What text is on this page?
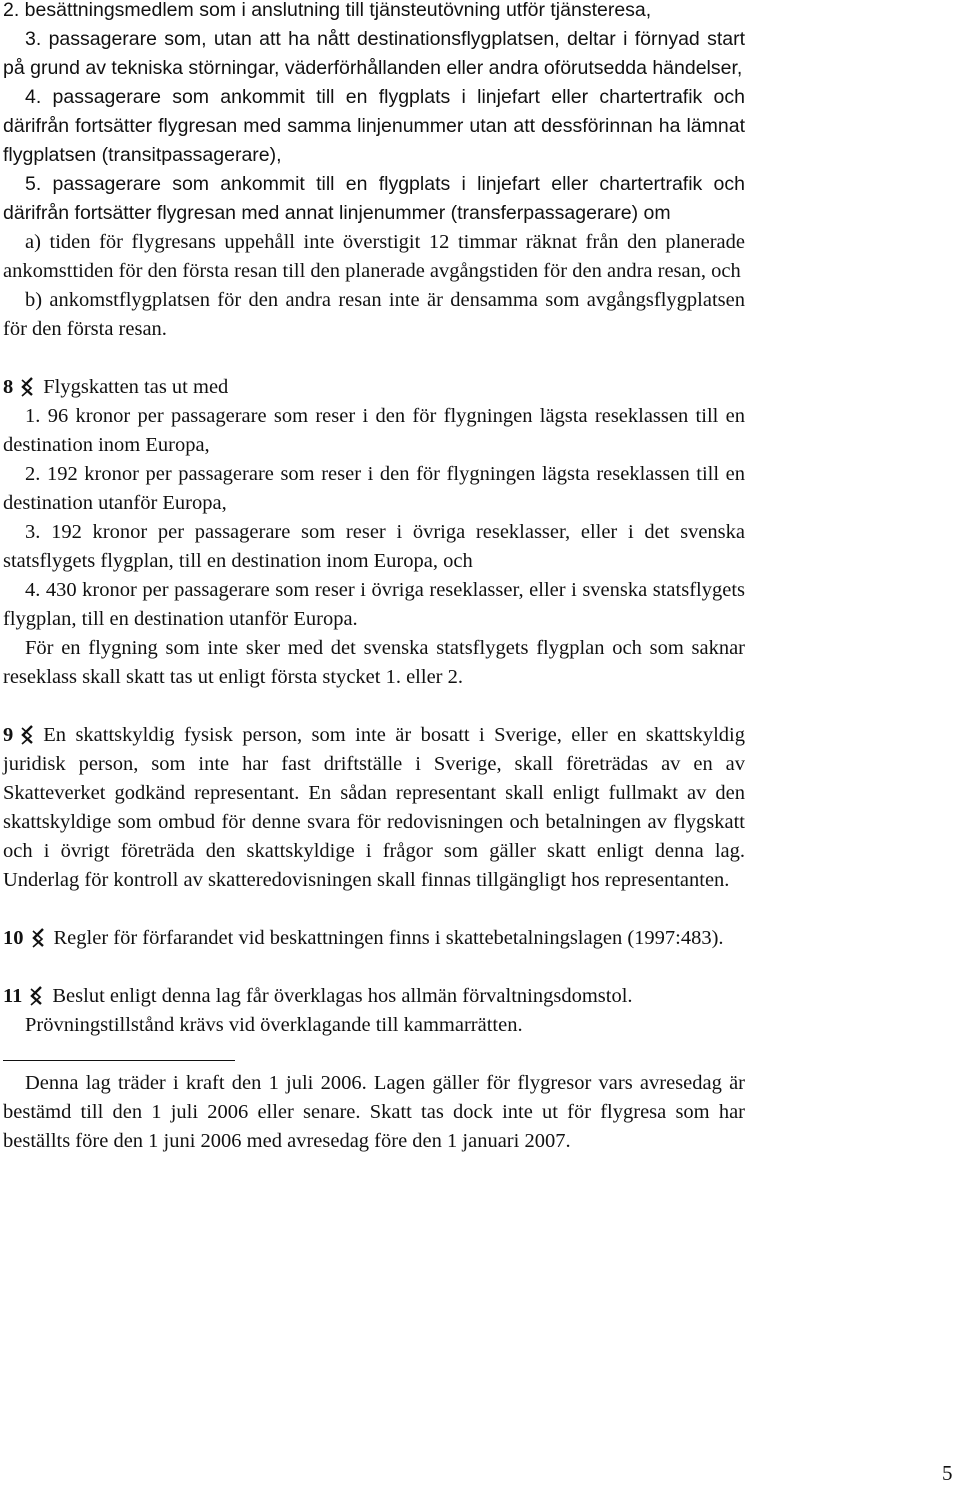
2. besättningsmedlem som i anslutning till tjänsteutövning utför tjänsteresa,

3. passagerare som, utan att ha nått destinationsflygplatsen, deltar i förnyad start på grund av tekniska störningar, väderförhållanden eller andra oförutsedda händelser,

4. passagerare som ankommit till en flygplats i linjefart eller chartertrafik och därifrån fortsätter flygresan med samma linjenummer utan att dessförinnan ha lämnat flygplatsen (transitpassagerare),

5. passagerare som ankommit till en flygplats i linjefart eller chartertrafik och därifrån fortsätter flygresan med annat linjenummer (transferpassagerare) om

a) tiden för flygresans uppehåll inte överstigit 12 timmar räknat från den planerade ankomsttiden för den första resan till den planerade avgångstiden för den andra resan, och

b) ankomstflygplatsen för den andra resan inte är densamma som avgångsflygplatsen för den första resan.

8 Flygskatten tas ut med

1. 96 kronor per passagerare som reser i den för flygningen lägsta reseklassen till en destination inom Europa,

2. 192 kronor per passagerare som reser i den för flygningen lägsta reseklassen till en destination utanför Europa,

3. 192 kronor per passagerare som reser i övriga reseklasser, eller i det svenska statsflygets flygplan, till en destination inom Europa, och

4. 430 kronor per passagerare som reser i övriga reseklasser, eller i svenska statsflygets flygplan, till en destination utanför Europa.

För en flygning som inte sker med det svenska statsflygets flygplan och som saknar reseklass skall skatt tas ut enligt första stycket 1. eller 2.

9 En skattskyldig fysisk person, som inte är bosatt i Sverige, eller en skattskyldig juridisk person, som inte har fast driftställe i Sverige, skall företrädas av en av Skatteverket godkänd representant. En sådan representant skall enligt fullmakt av den skattskyldige som ombud för denne svara för redovisningen och betalningen av flygskatt och i övrigt företräda den skattskyldige i frågor som gäller skatt enligt denna lag. Underlag för kontroll av skatteredovisningen skall finnas tillgängligt hos representanten.

10 Regler för förfarandet vid beskattningen finns i skattebetalningslagen (1997:483).

11 Beslut enligt denna lag får överklagas hos allmän förvaltningsdomstol.

Prövningstillstånd krävs vid överklagande till kammarrätten.

Denna lag träder i kraft den 1 juli 2006. Lagen gäller för flygresor vars avresedag är bestämd till den 1 juli 2006 eller senare. Skatt tas dock inte ut för flygresa som har beställts före den 1 juni 2006 med avresedag före den 1 januari 2007.

5
